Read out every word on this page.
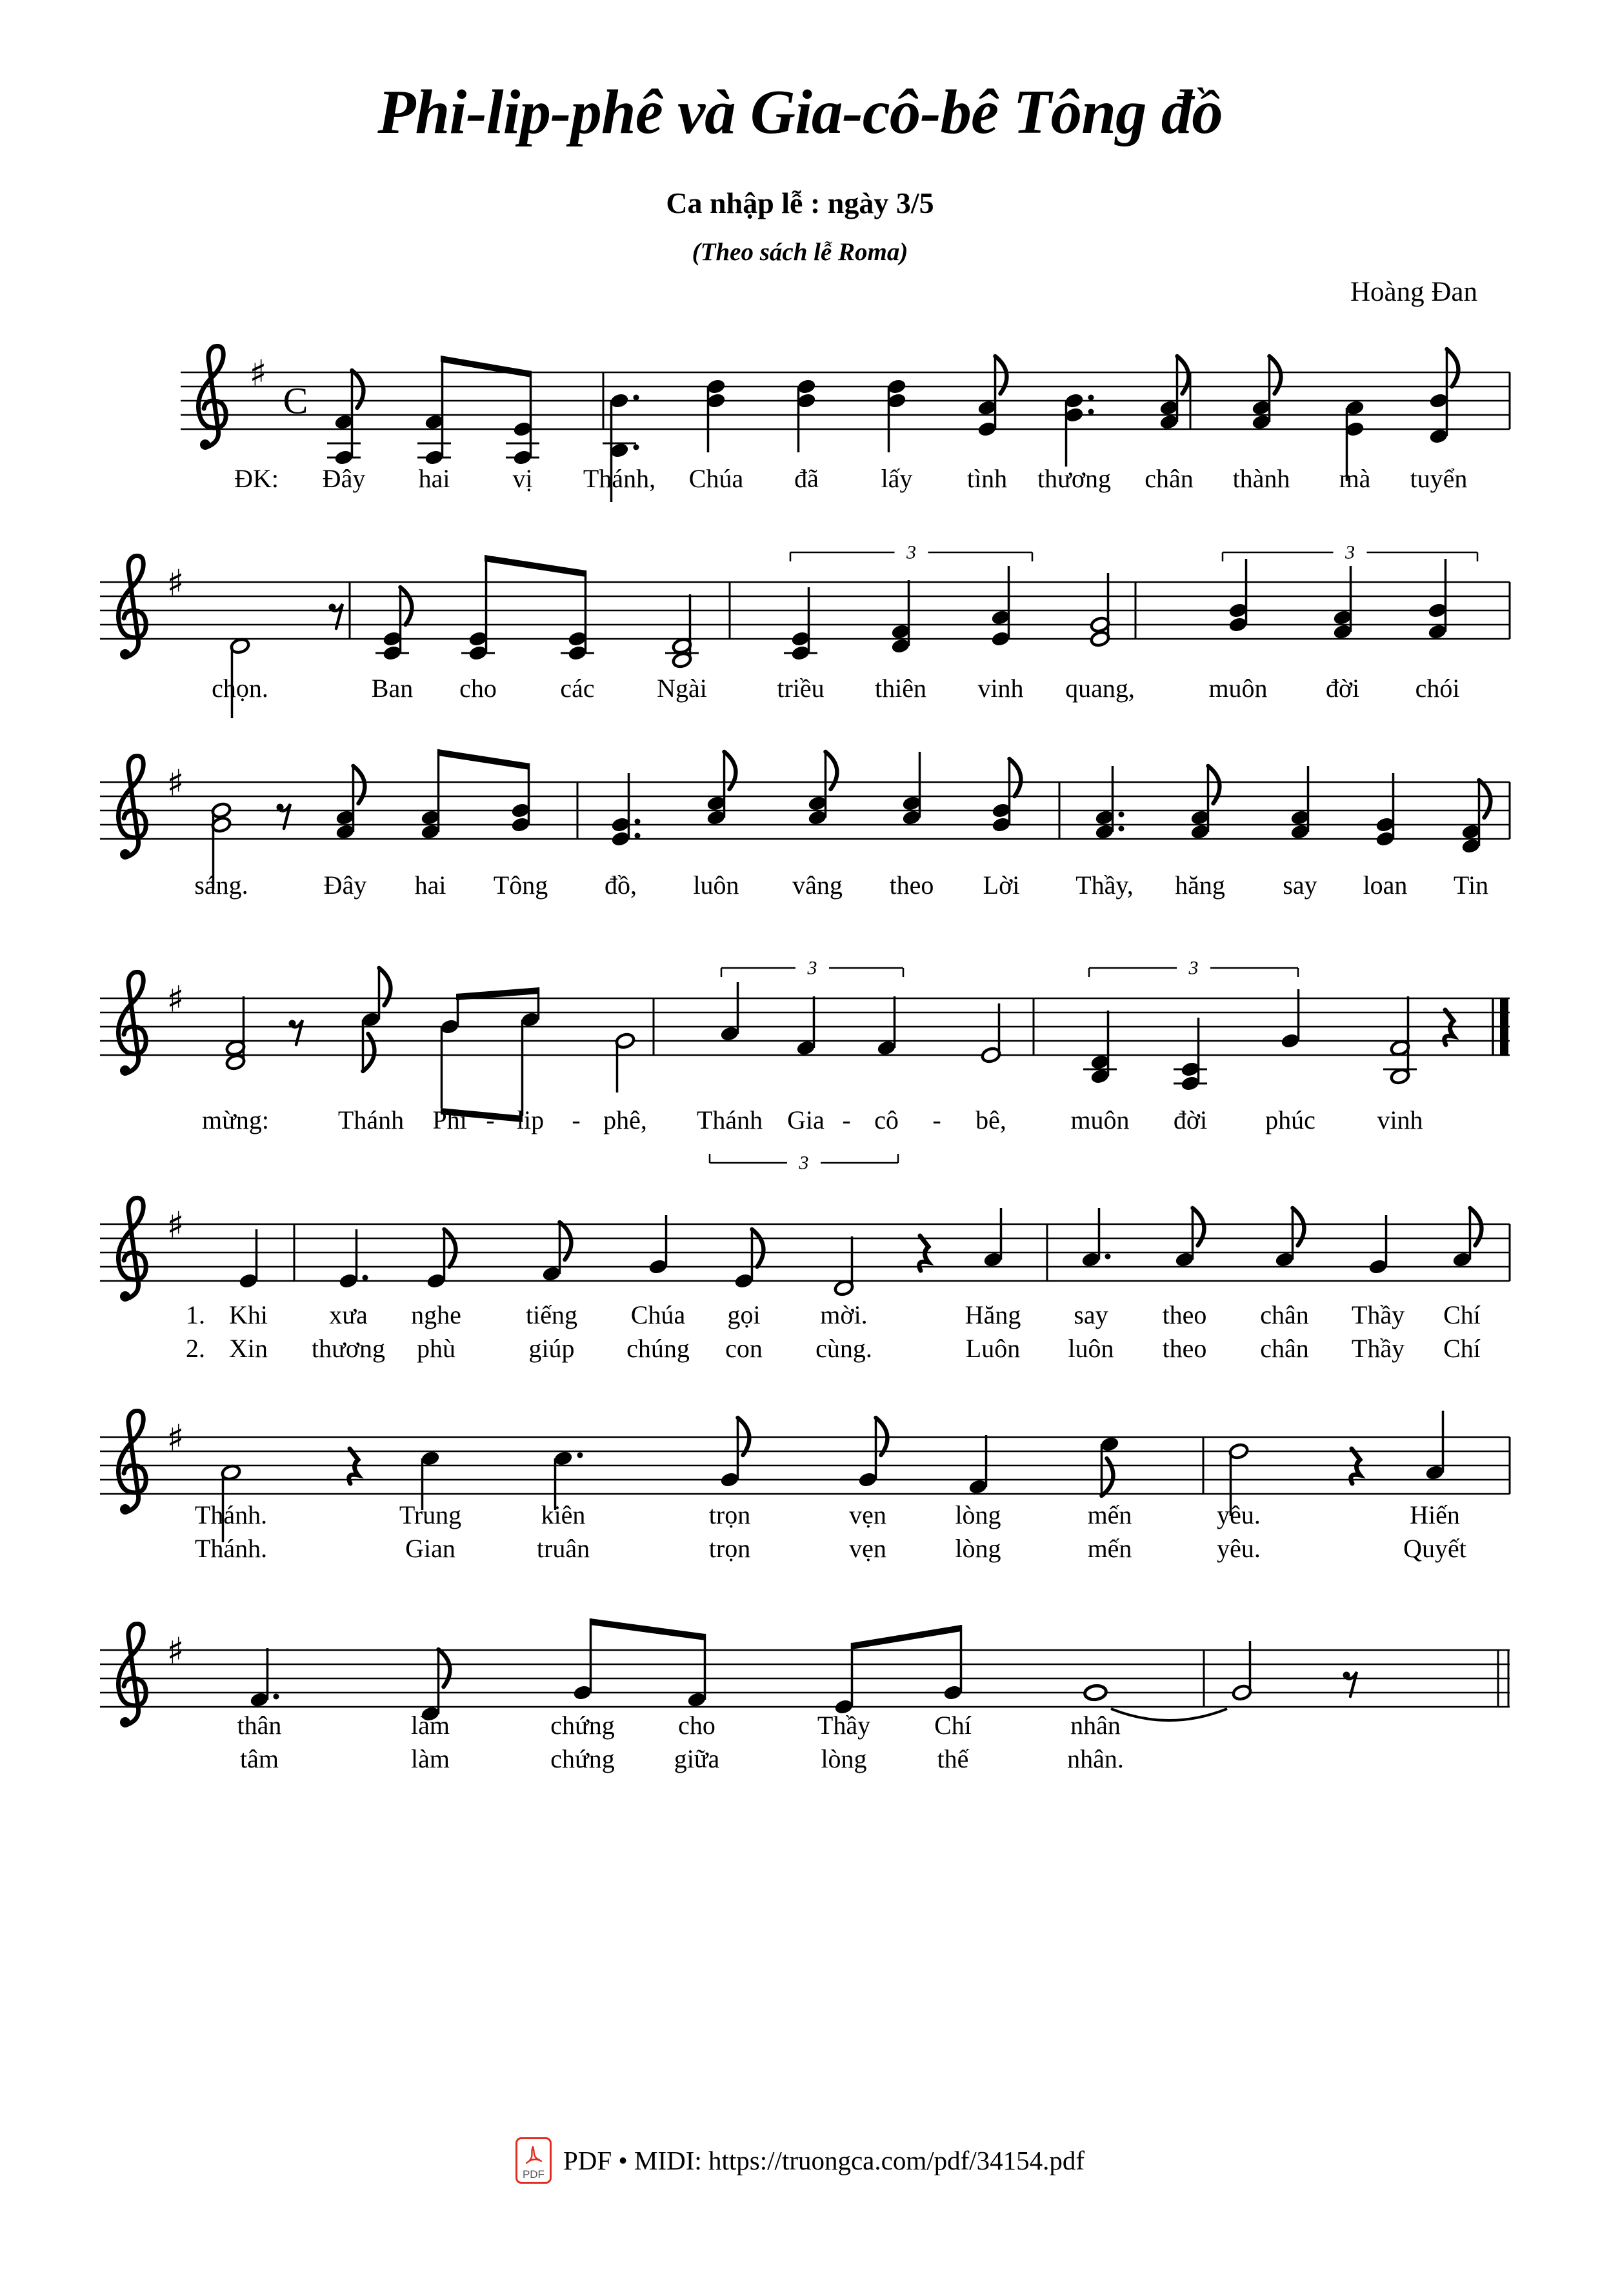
Phi-lip-phê và Gia-cô-bê Tông đồ
Ca nhập lễ : ngày 3/5
(Theo sách lễ Roma)
Hoàng Đan
♯
C
♯
3	3
♯
♯
3	3
3
♯
♯
♯
ĐK: Đây hai vị Thánh, Chúa đã lấy tình thương chân thành mà tuyển
chọn.	Ban cho các Ngài	triều thiên vinh quang,	muôn đời chói
sáng.	Đây hai Tông đồ, luôn vâng theo Lời Thầy, hăng say loan Tin
-	-	-	-
mừng:	Thánh Phi lip phê, Thánh Gia cô	bê, muôn đời phúc vinh
1. Khi xưa nghe	tiếng Chúa gọi mời.	Hăng say theo chân Thầy Chí
2. Xin thương phù	giúp chúng con cùng.	Luôn luôn theo chân Thầy Chí
Thánh.	Trung	kiên	trọn	vẹn	lòng	mến	yêu.	Hiến
Thánh.	Gian	truân	trọn	vẹn	lòng	mến	yêu.	Quyết
thân	làm	chứng cho	Thầy Chí	nhân
tâm	làm	chứng giữa	lòng	thế	nhân.
PDF PDF • MIDI: https://truongca.com/pdf/34154.pdf
